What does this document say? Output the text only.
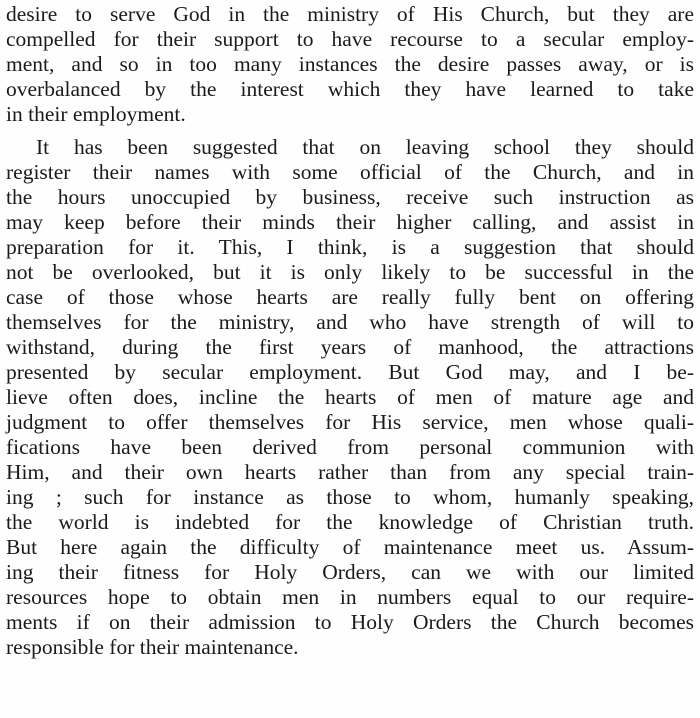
desire to serve God in the ministry of His Church, but they are
compelled for their support to have recourse to a secular employ-
ment, and so in too many instances the desire passes away, or is
overbalanced by the interest which they have learned to take
in their employment.
It has been suggested that on leaving school they should
register their names with some official of the Church, and in
the hours unoccupied by business, receive such instruction as
may keep before their minds their higher calling, and assist in
preparation for it. This, I think, is a suggestion that should
not be overlooked, but it is only likely to be successful in the
case of those whose hearts are really fully bent on offering
themselves for the ministry, and who have strength of will to
withstand, during the first years of manhood, the attractions
presented by secular employment. But God may, and I be-
lieve often does, incline the hearts of men of mature age and
judgment to offer themselves for His service, men whose quali-
fications have been derived from personal communion with
Him, and their own hearts rather than from any special train-
ing ; such for instance as those to whom, humanly speaking,
the world is indebted for the knowledge of Christian truth.
But here again the difficulty of maintenance meet us. Assum-
ing their fitness for Holy Orders, can we with our limited
resources hope to obtain men in numbers equal to our require-
ments if on their admission to Holy Orders the Church becomes
responsible for their maintenance.
